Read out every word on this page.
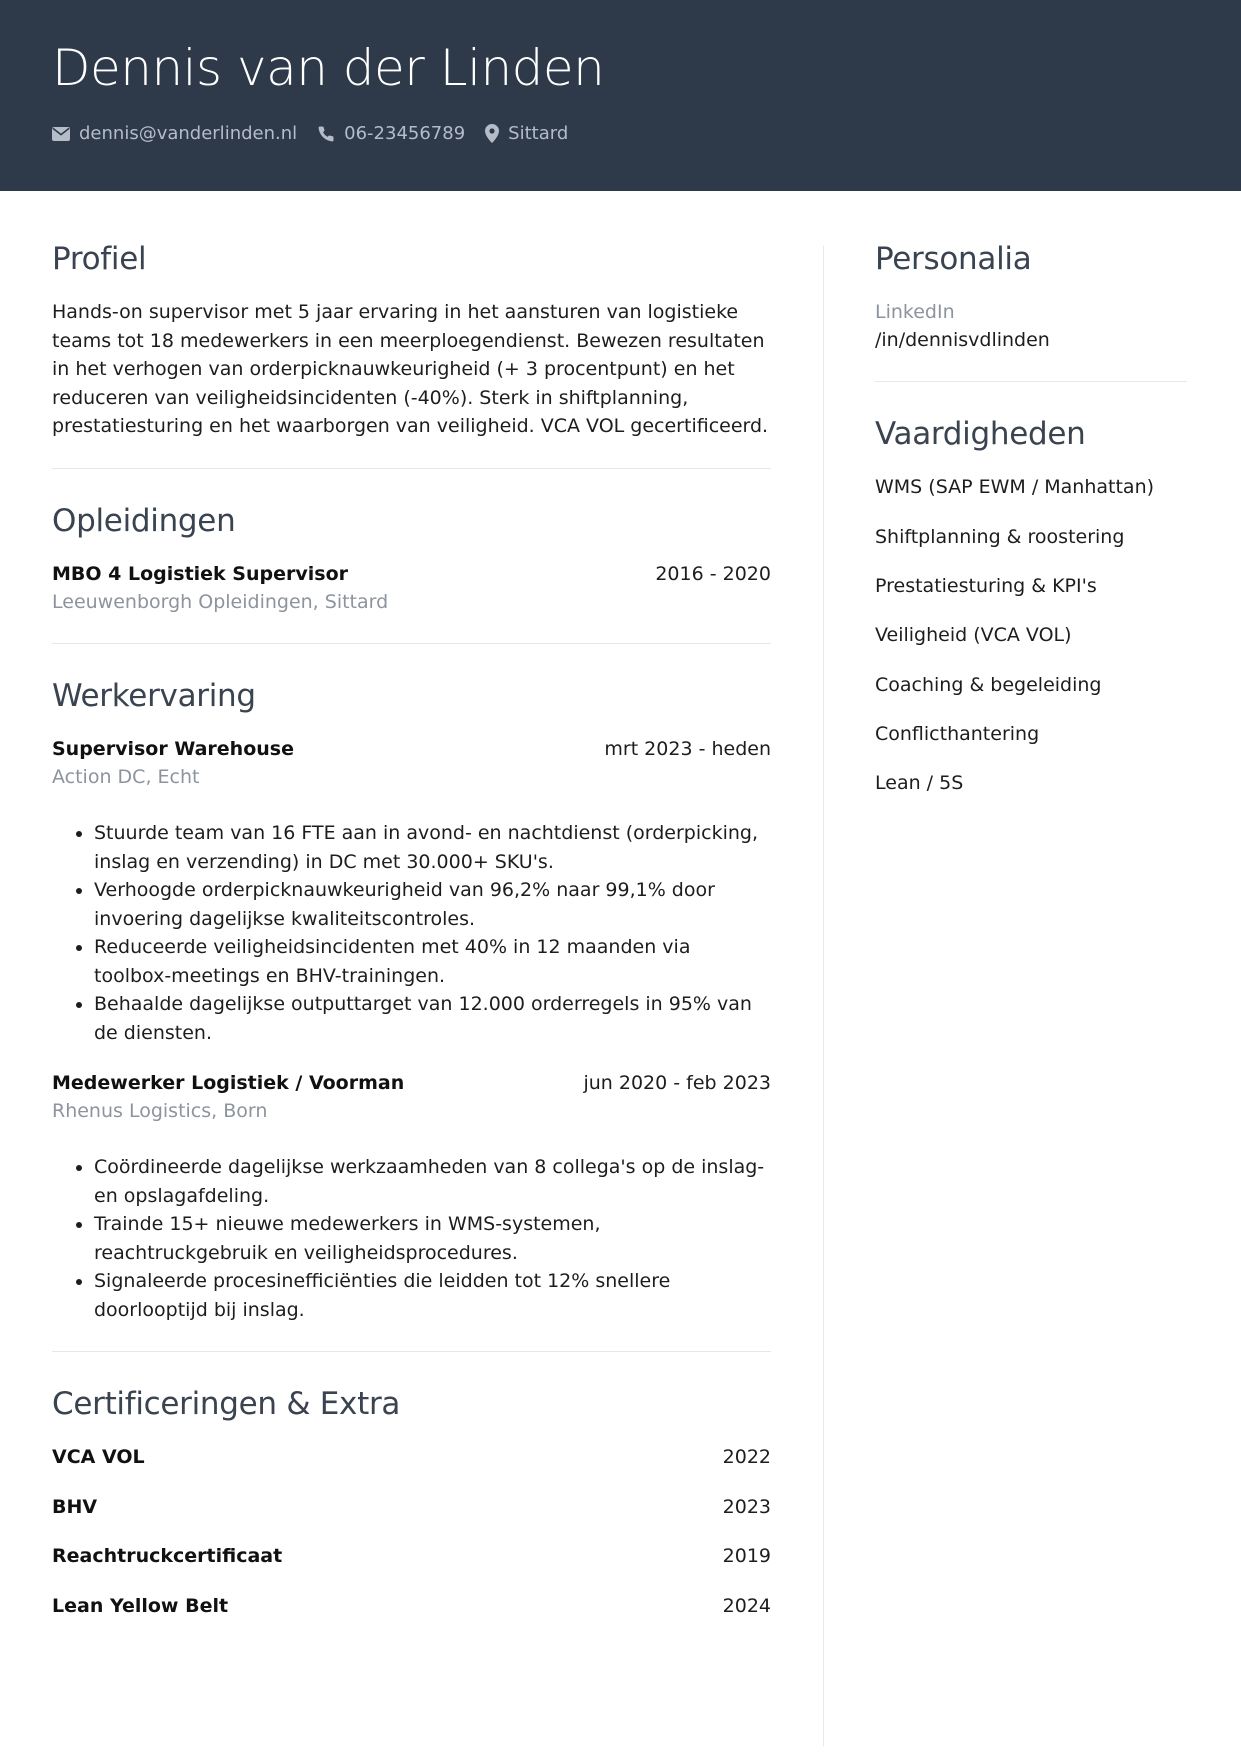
Dennis van der Linden
dennis@vanderlinden.nl	06-23456789 Sittard
Profiel

Hands-on supervisor met 5 jaar ervaring in het aansturen van logistieke teams tot 18 medewerkers in een meerploegendienst. Bewezen resultaten in het verhogen van orderpicknauwkeurigheid (+ 3 procentpunt) en het reduceren van veiligheidsincidenten (-40%). Sterk in shiftplanning, prestatiesturing en het waarborgen van veiligheid. VCA VOL gecertificeerd.

Opleidingen
MBO 4 Logistiek Supervisor	2016 - 2020
Leeuwenborgh Opleidingen, Sittard
Werkervaring
Supervisor Warehouse	mrt 2023 - heden
Action DC, Echt
• Stuurde team van 16 FTE aan in avond- en nachtdienst (orderpicking, inslag en verzending) in DC met 30.000+ SKU's.
• Verhoogde orderpicknauwkeurigheid van 96,2% naar 99,1% door invoering dagelijkse kwaliteitscontroles.
• Reduceerde veiligheidsincidenten met 40% in 12 maanden via toolbox-meetings en BHV-trainingen.
• Behaalde dagelijkse outputtarget van 12.000 orderregels in 95% van de diensten.
Medewerker Logistiek / Voorman	jun 2020 - feb 2023
Rhenus Logistics, Born
• Coördineerde dagelijkse werkzaamheden van 8 collega's op de inslag- en opslagafdeling.
• Trainde 15+ nieuwe medewerkers in WMS-systemen, reachtruckgebruik en veiligheidsprocedures.
• Signaleerde procesinefficiënties die leidden tot 12% snellere doorlooptijd bij inslag.
Certificeringen & Extra
VCA VOL	2022
BHV	2023
Reachtruckcertificaat	2019
Lean Yellow Belt	2024
Personalia
LinkedIn
/in/dennisvdlinden
Vaardigheden
WMS (SAP EWM / Manhattan)
Shiftplanning & roostering
Prestatiesturing & KPI's
Veiligheid (VCA VOL)
Coaching & begeleiding
Conflicthantering
Lean / 5S
